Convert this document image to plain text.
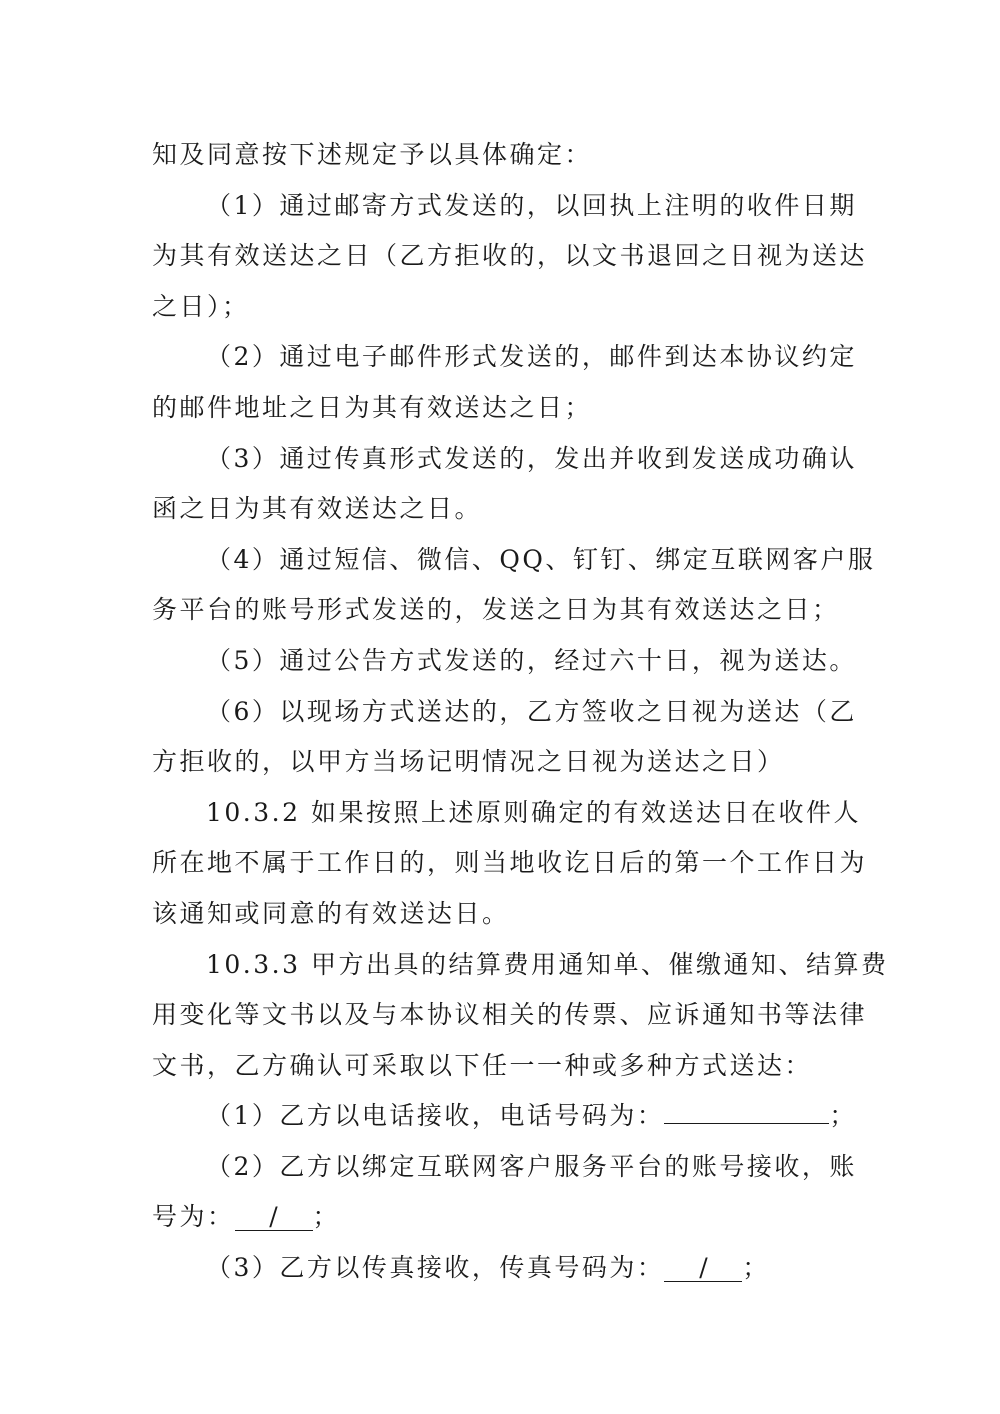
知及同意按下述规定予以具体确定：
（1）通过邮寄方式发送的，以回执上注明的收件日期
为其有效送达之日（乙方拒收的，以文书退回之日视为送达
之日）；
（2）通过电子邮件形式发送的，邮件到达本协议约定
的邮件地址之日为其有效送达之日；
（3）通过传真形式发送的，发出并收到发送成功确认
函之日为其有效送达之日。
（4）通过短信、微信、QQ、钉钉、绑定互联网客户服
务平台的账号形式发送的，发送之日为其有效送达之日；
（5）通过公告方式发送的，经过六十日，视为送达。
（6）以现场方式送达的，乙方签收之日视为送达（乙
方拒收的，以甲方当场记明情况之日视为送达之日）
10.3.2 如果按照上述原则确定的有效送达日在收件人
所在地不属于工作日的，则当地收讫日后的第一个工作日为
该通知或同意的有效送达日。
10.3.3 甲方出具的结算费用通知单、催缴通知、结算费
用变化等文书以及与本协议相关的传票、应诉通知书等法律
文书，乙方确认可采取以下任一一种或多种方式送达：
（1）乙方以电话接收，电话号码为：	；
（2）乙方以绑定互联网客户服务平台的账号接收，账
号为： / ；
（3）乙方以传真接收，传真号码为： / ；
